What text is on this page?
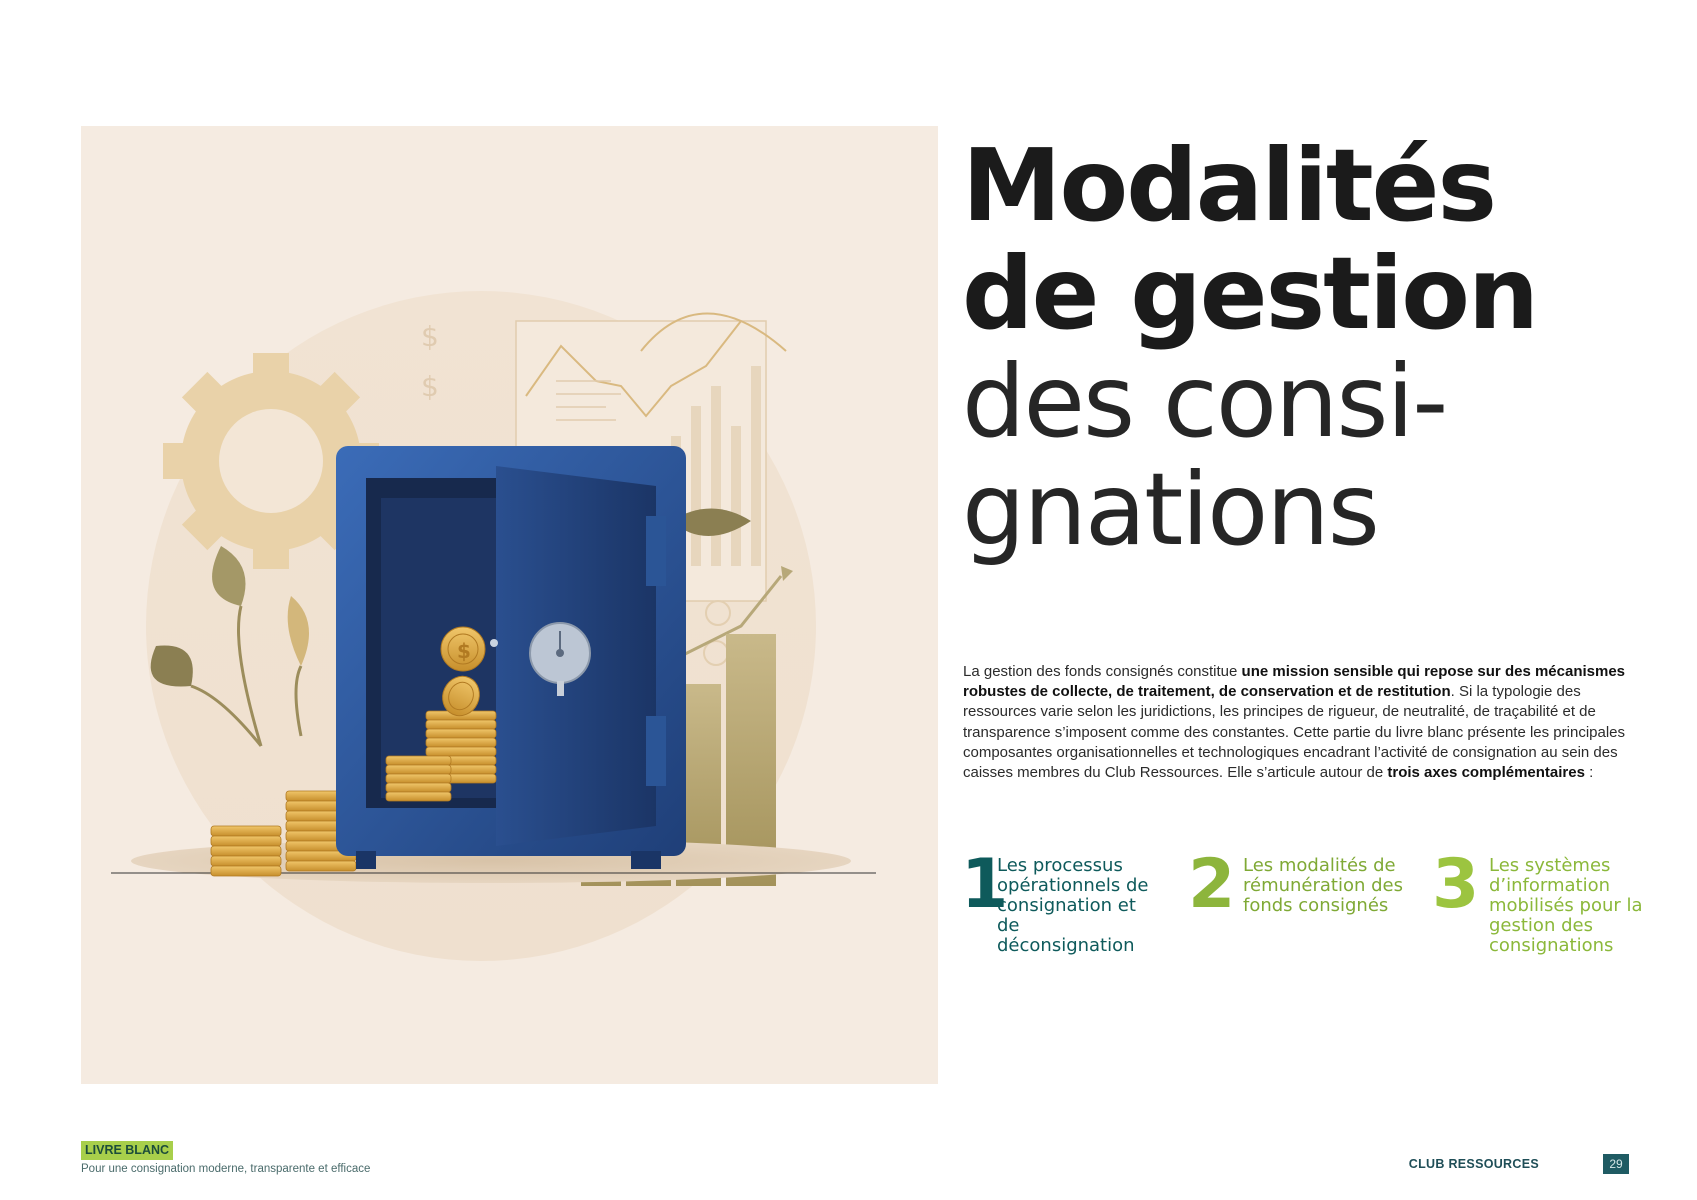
$
$
$
Modalités
de gestion
des consi-
gnations

La gestion des fonds consignés constitue une mission sensible qui repose sur des mécanismes robustes de collecte, de traitement, de conservation et de restitution. Si la typologie des ressources varie selon les juridictions, les principes de rigueur, de neutralité, de traçabilité et de transparence s’imposent comme des constantes. Cette partie du livre blanc présente les principales composantes organisationnelles et technologiques encadrant l’activité de consignation au sein des caisses membres du Club Ressources. Elle s’articule autour de trois axes complémentaires :

1
Les processus opérationnels de consignation et de déconsignation
2 Les modalités de rémunération des fonds consignés 3 Les systèmes d’information mobilisés pour la gestion des consignations
LIVRE BLANC
Pour une consignation moderne, transparente et efficace	CLUB RESSOURCES	29
